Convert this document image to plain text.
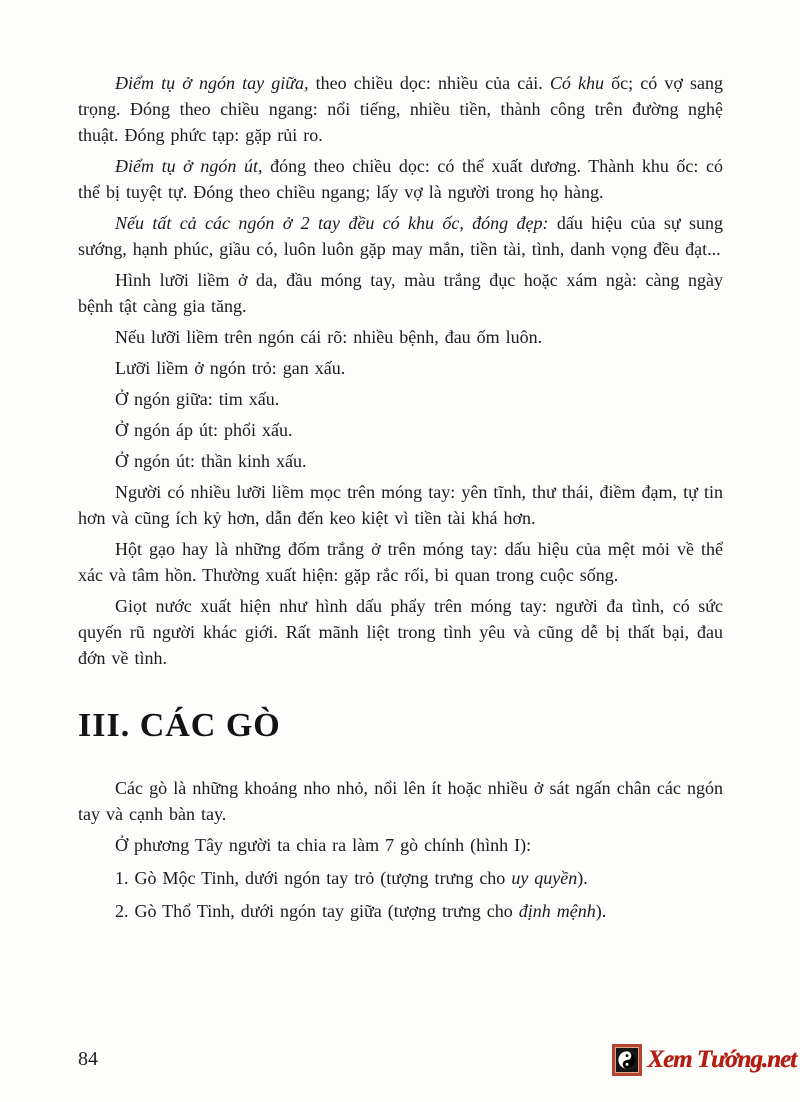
Điểm tụ ở ngón tay giữa, theo chiều dọc: nhiều của cải. Có khu ốc; có vợ sang trọng. Đóng theo chiều ngang: nổi tiếng, nhiều tiền, thành công trên đường nghệ thuật. Đóng phức tạp: gặp rủi ro.

Điểm tụ ở ngón út, đóng theo chiều dọc: có thể xuất dương. Thành khu ốc: có thể bị tuyệt tự. Đóng theo chiều ngang; lấy vợ là người trong họ hàng.

Nếu tất cả các ngón ở 2 tay đều có khu ốc, đóng đẹp: dấu hiệu của sự sung sướng, hạnh phúc, giầu có, luôn luôn gặp may mắn, tiền tài, tình, danh vọng đều đạt...

Hình lưỡi liềm ở da, đầu móng tay, màu trắng đục hoặc xám ngà: càng ngày bệnh tật càng gia tăng.

Nếu lưỡi liềm trên ngón cái rõ: nhiều bệnh, đau ốm luôn.

Lưỡi liềm ở ngón trỏ: gan xấu.

Ở ngón giữa: tim xấu.

Ở ngón áp út: phổi xấu.

Ở ngón út: thần kinh xấu.

Người có nhiều lưỡi liềm mọc trên móng tay: yên tĩnh, thư thái, điềm đạm, tự tin hơn và cũng ích kỷ hơn, dẫn đến keo kiệt vì tiền tài khá hơn.

Hột gạo hay là những đốm trắng ở trên móng tay: dấu hiệu của mệt mỏi về thể xác và tâm hồn. Thường xuất hiện: gặp rắc rối, bi quan trong cuộc sống.

Giọt nước xuất hiện như hình dấu phẩy trên móng tay: người đa tình, có sức quyến rũ người khác giới. Rất mãnh liệt trong tình yêu và cũng dễ bị thất bại, đau đớn về tình.

III. CÁC GÒ

Các gò là những khoảng nho nhỏ, nổi lên ít hoặc nhiều ở sát ngấn chân các ngón tay và cạnh bàn tay.

Ở phương Tây người ta chia ra làm 7 gò chính (hình I):

1. Gò Mộc Tinh, dưới ngón tay trỏ (tượng trưng cho uy quyền).

2. Gò Thổ Tinh, dưới ngón tay giữa (tượng trưng cho định mệnh).

84	Xem Tướng.net
